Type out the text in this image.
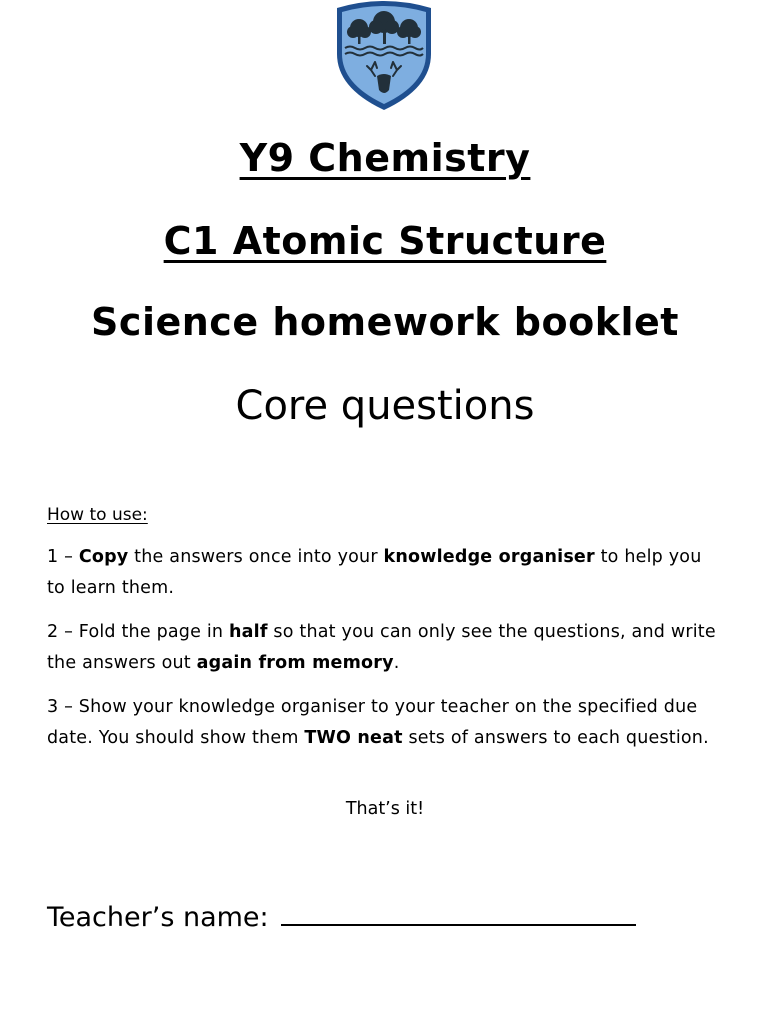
Y9 Chemistry
C1 Atomic Structure
Science homework booklet
Core questions
How to use:
1 – Copy the answers once into your knowledge organiser to help you to learn them.
2 – Fold the page in half so that you can only see the questions, and write the answers out again from memory.
3 – Show your knowledge organiser to your teacher on the specified due date. You should show them TWO neat sets of answers to each question.
That’s it!
Teacher’s name:
